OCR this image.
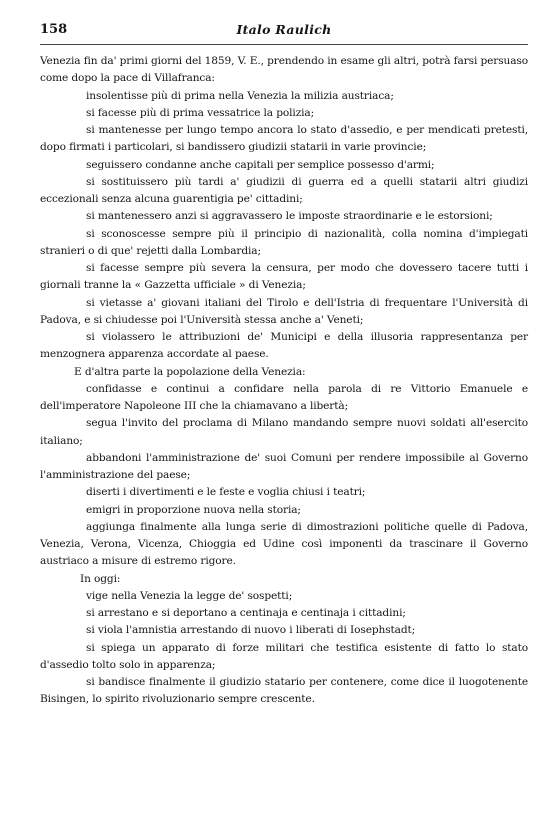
158	Italo Raulich

Venezia fin da' primi giorni del 1859, V. E., prendendo in esame gli altri, potrà farsi persuaso come dopo la pace di Villafranca:

insolentisse più di prima nella Venezia la milizia austriaca;

si facesse più di prima vessatrice la polizia;

si mantenesse per lungo tempo ancora lo stato d'assedio, e per mendicati pretesti, dopo firmati i particolari, si bandissero giudizii statarii in varie provincie;

seguissero condanne anche capitali per semplice possesso d'armi;

si sostituissero più tardi a' giudizii di guerra ed a quelli statarii altri giudizi eccezionali senza alcuna guarentigia pe' cittadini;

si mantenessero anzi si aggravassero le imposte straordinarie e le estorsioni;

si sconoscesse sempre più il principio di nazionalità, colla nomina d'impiegati stranieri o di que' rejetti dalla Lombardia;

si facesse sempre più severa la censura, per modo che dovessero tacere tutti i giornali tranne la « Gazzetta ufficiale » di Venezia;

si vietasse a' giovani italiani del Tirolo e dell'Istria di frequentare l'Università di Padova, e si chiudesse poi l'Università stessa anche a' Veneti;

si violassero le attribuzioni de' Municipi e della illusoria rappresentanza per menzognera apparenza accordate al paese.

E d'altra parte la popolazione della Venezia:

confidasse e continui a confidare nella parola di re Vittorio Emanuele e dell'imperatore Napoleone III che la chiamavano a libertà;

segua l'invito del proclama di Milano mandando sempre nuovi soldati all'esercito italiano;

abbandoni l'amministrazione de' suoi Comuni per rendere impossibile al Governo l'amministrazione del paese;

diserti i divertimenti e le feste e voglia chiusi i teatri;

emigri in proporzione nuova nella storia;

aggiunga finalmente alla lunga serie di dimostrazioni politiche quelle di Padova, Venezia, Verona, Vicenza, Chioggia ed Udine così imponenti da trascinare il Governo austriaco a misure di estremo rigore.

In oggi:

vige nella Venezia la legge de' sospetti;

si arrestano e si deportano a centinaja e centinaja i cittadini;

si viola l'amnistia arrestando di nuovo i liberati di Iosephstadt;

si spiega un apparato di forze militari che testifica esistente di fatto lo stato d'assedio tolto solo in apparenza;

si bandisce finalmente il giudizio statario per contenere, come dice il luogotenente Bisingen, lo spirito rivoluzionario sempre crescente.
